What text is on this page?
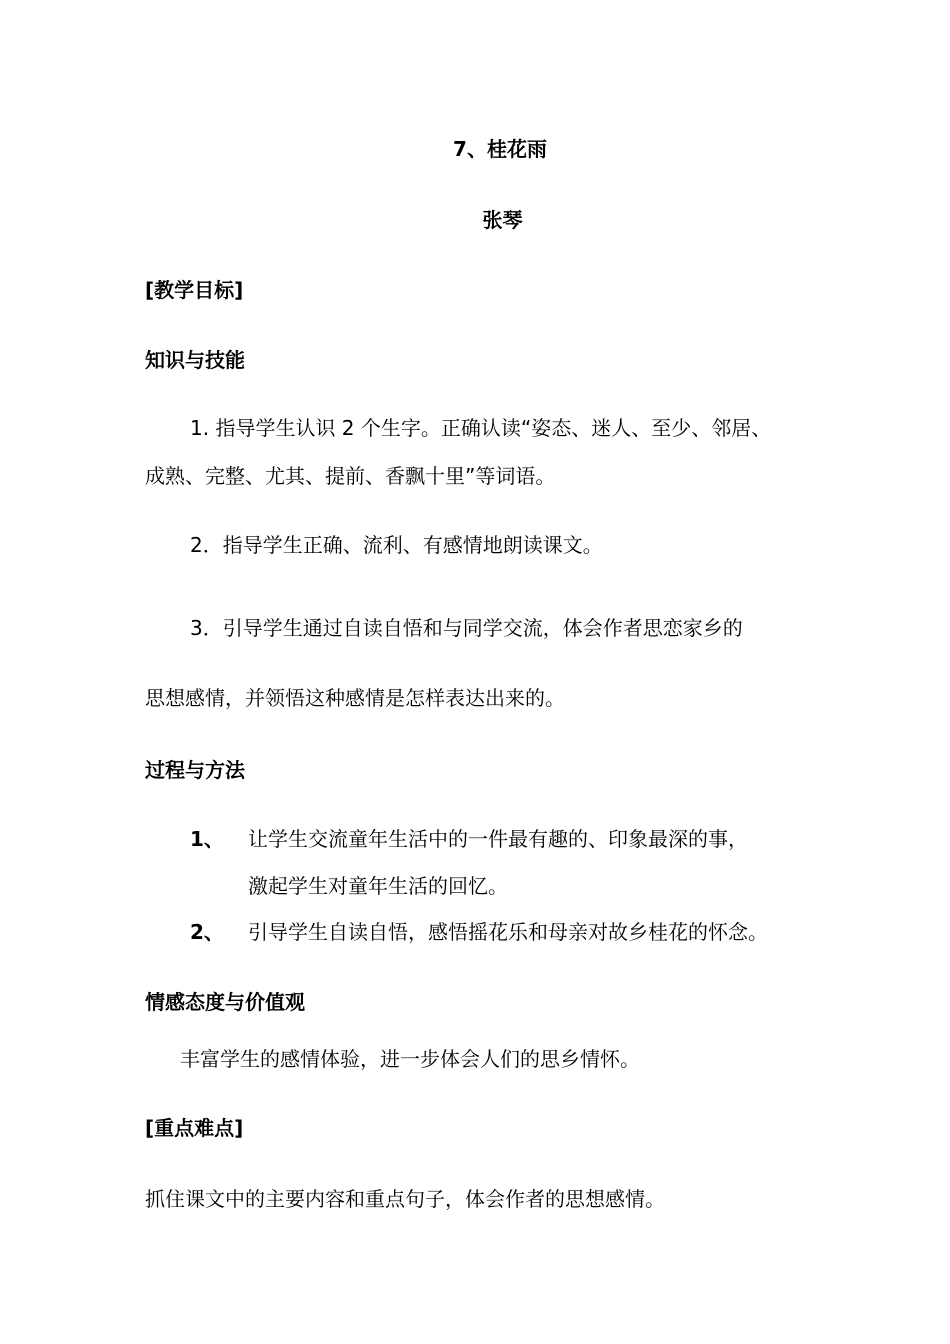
7、桂花雨
张琴
[教学目标]
知识与技能
1. 指导学生认识 2 个生字。正确认读“姿态、迷人、至少、邻居、
成熟、完整、尤其、提前、香飘十里”等词语。
2．指导学生正确、流利、有感情地朗读课文。
3．引导学生通过自读自悟和与同学交流，体会作者思恋家乡的
思想感情，并领悟这种感情是怎样表达出来的。
过程与方法
1、 让学生交流童年生活中的一件最有趣的、印象最深的事，
激起学生对童年生活的回忆。
2、 引导学生自读自悟，感悟摇花乐和母亲对故乡桂花的怀念。
情感态度与价值观
丰富学生的感情体验，进一步体会人们的思乡情怀。
[重点难点]
抓住课文中的主要内容和重点句子，体会作者的思想感情。
